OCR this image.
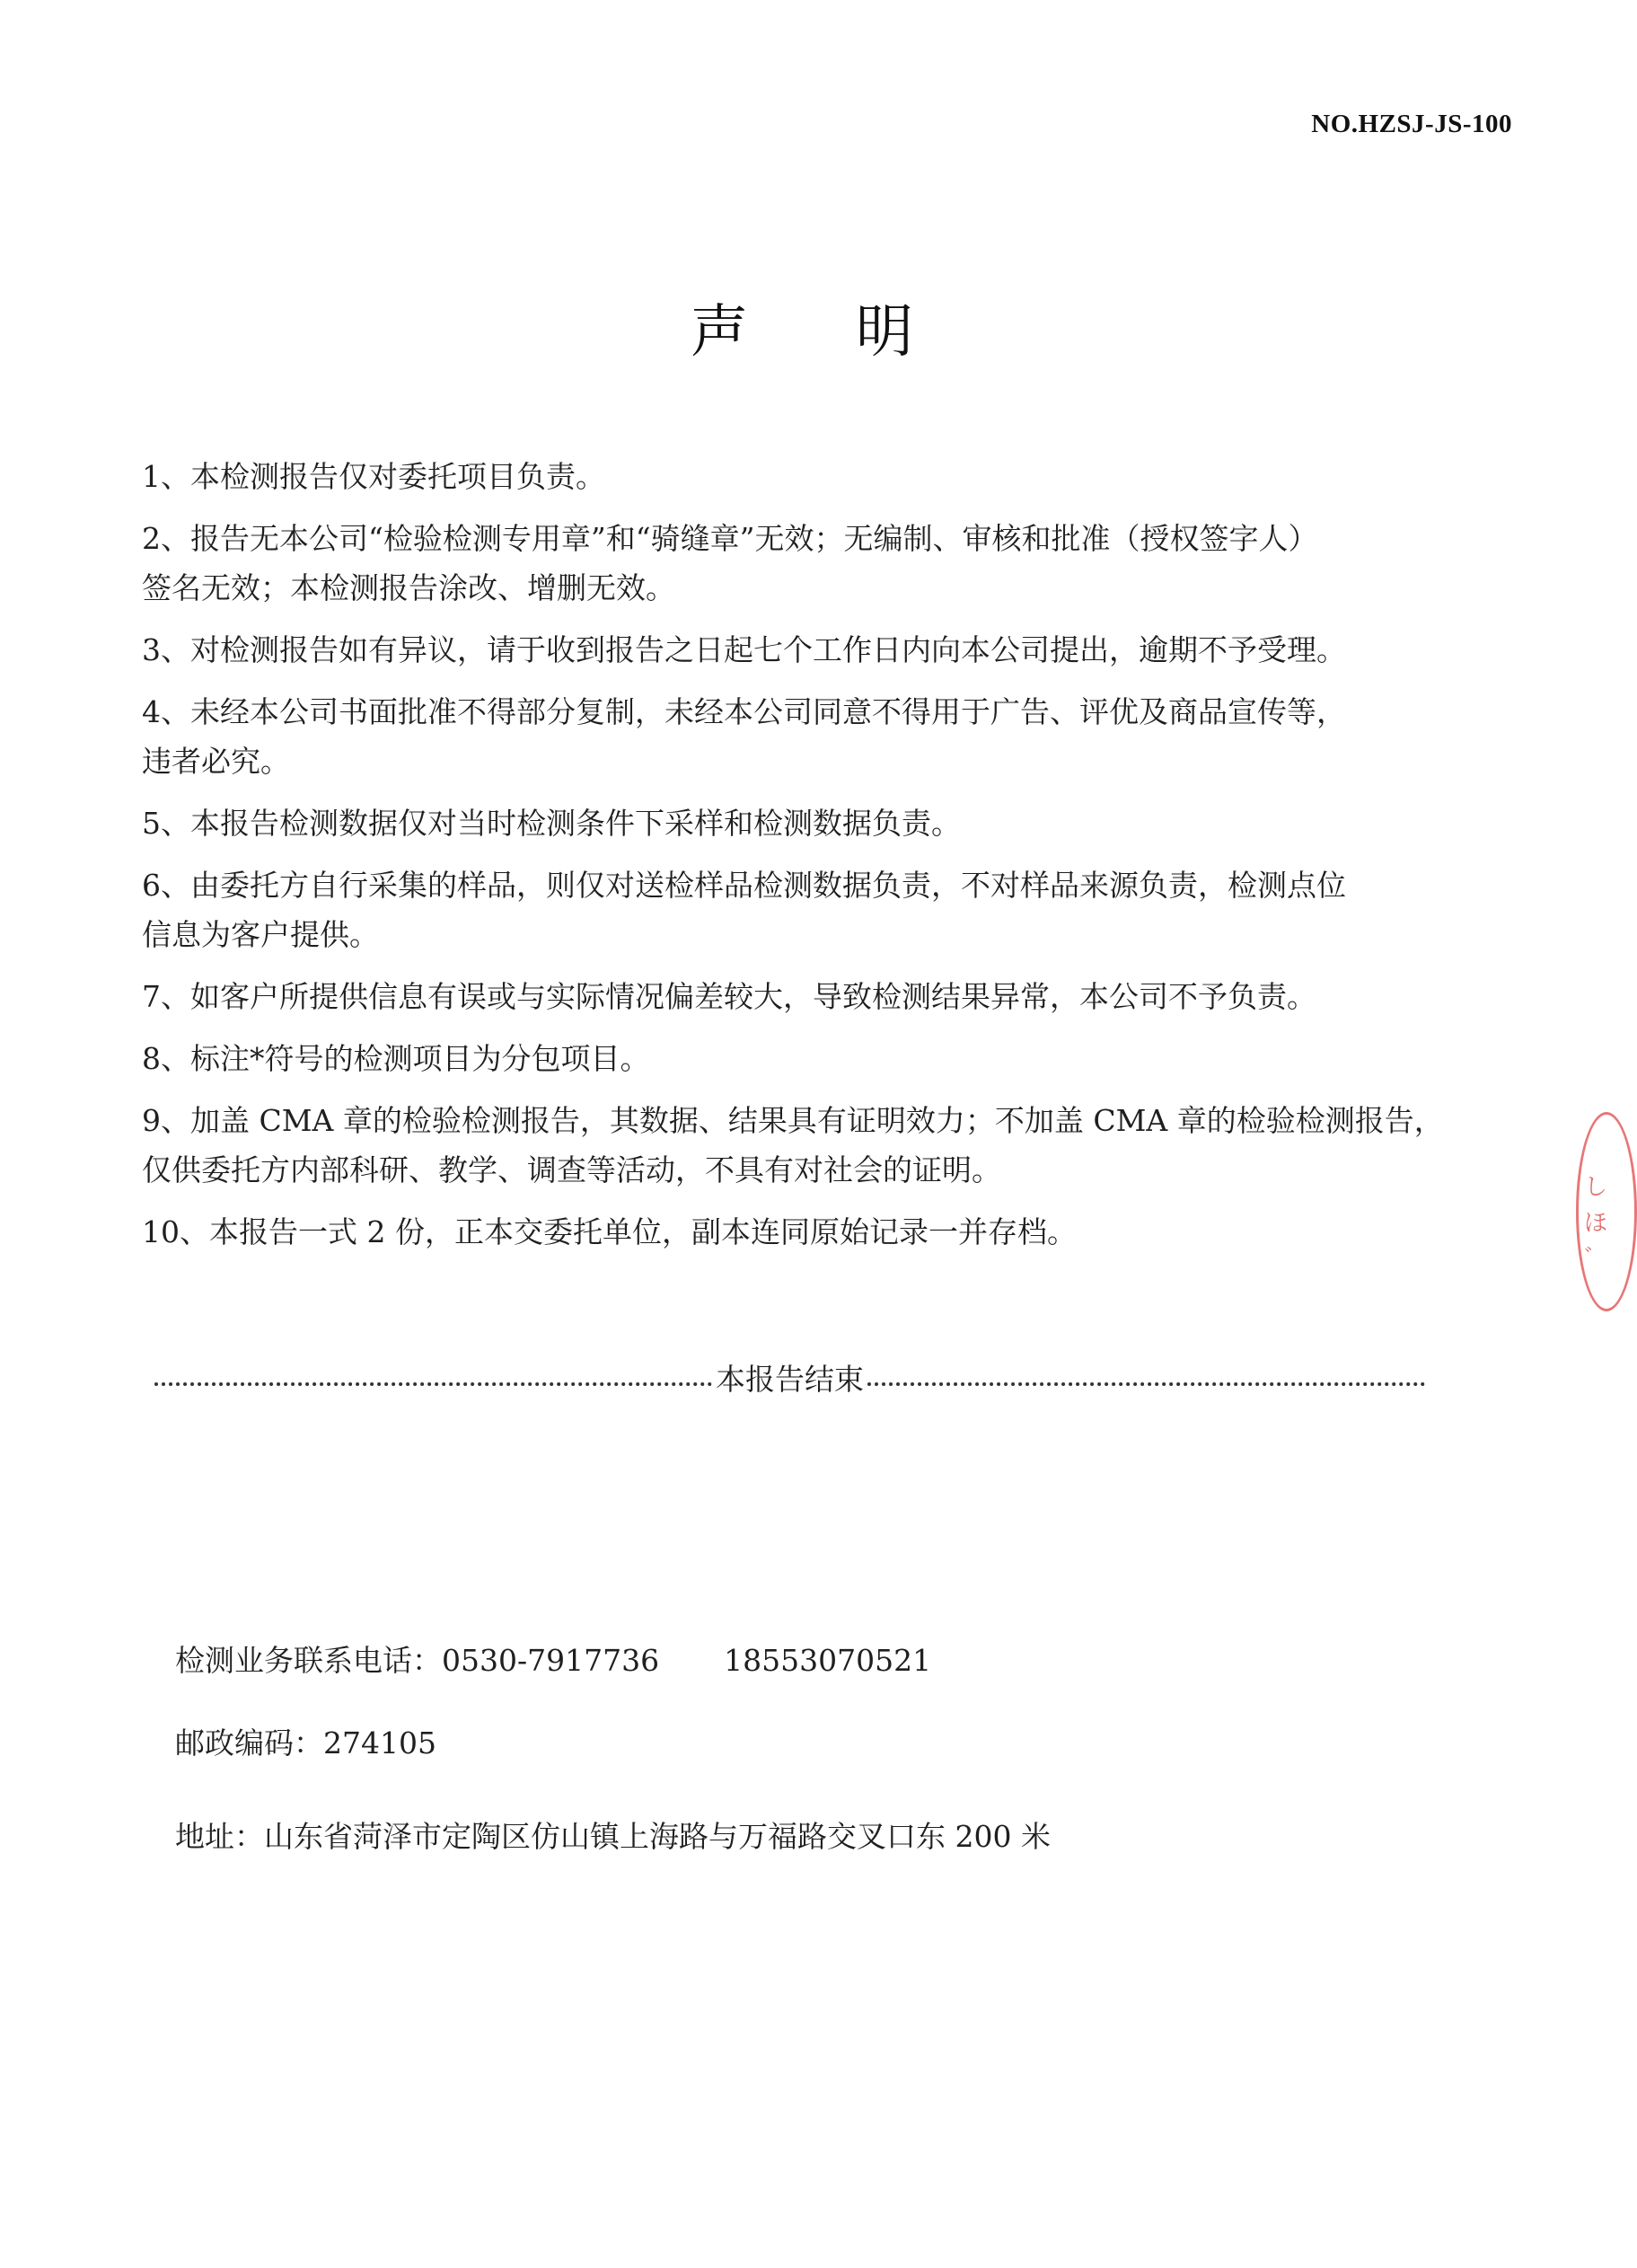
NO.HZSJ-JS-100
声明
1、本检测报告仅对委托项目负责。
2、报告无本公司“检验检测专用章”和“骑缝章”无效；无编制、审核和批准（授权签字人）
签名无效；本检测报告涂改、增删无效。
3、对检测报告如有异议，请于收到报告之日起七个工作日内向本公司提出，逾期不予受理。
4、未经本公司书面批准不得部分复制，未经本公司同意不得用于广告、评优及商品宣传等，
违者必究。
5、本报告检测数据仅对当时检测条件下采样和检测数据负责。
6、由委托方自行采集的样品，则仅对送检样品检测数据负责，不对样品来源负责，检测点位
信息为客户提供。
7、如客户所提供信息有误或与实际情况偏差较大，导致检测结果异常，本公司不予负责。
8、标注*符号的检测项目为分包项目。
9、加盖 CMA 章的检验检测报告，其数据、结果具有证明效力；不加盖 CMA 章的检验检测报告，
仅供委托方内部科研、教学、调查等活动，不具有对社会的证明。
10、本报告一式 2 份，正本交委托单位，副本连同原始记录一并存档。
本报告结束
检测业务联系电话：0530-7917736 18553070521
邮政编码：274105
地址：山东省菏泽市定陶区仿山镇上海路与万福路交叉口东 200 米
し
ほ
゛
